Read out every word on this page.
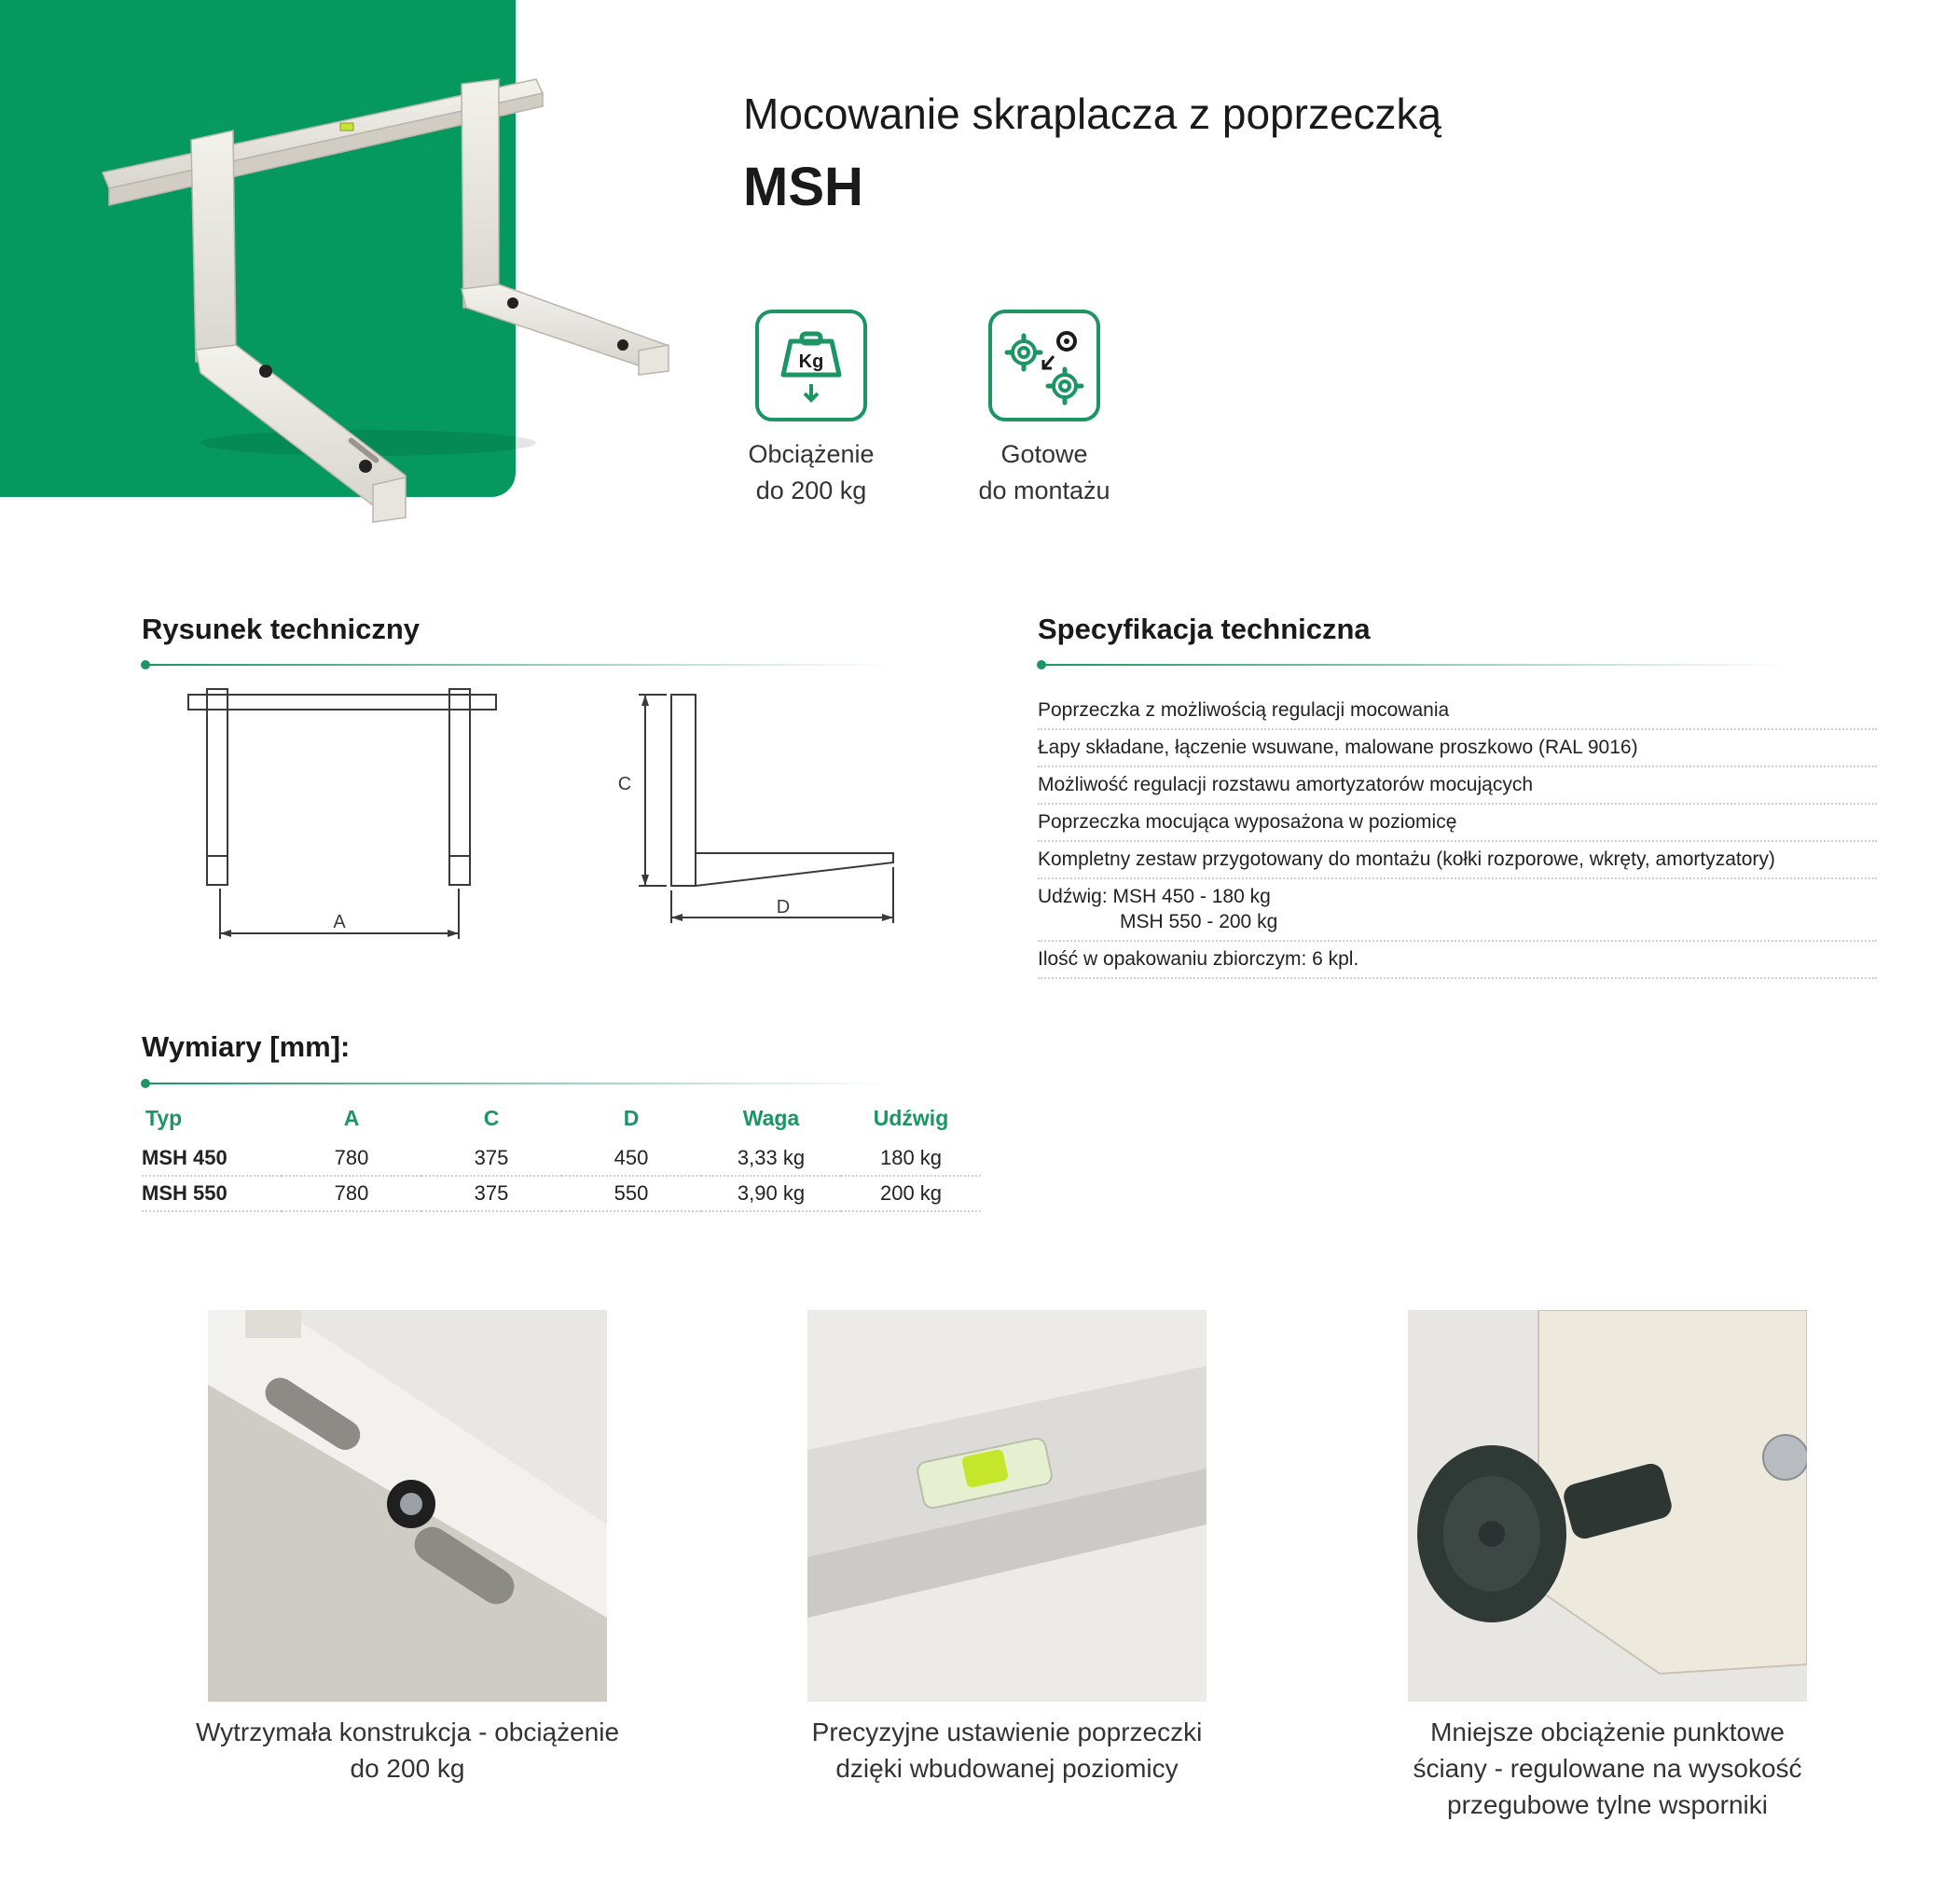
Mocowanie skraplacza z poprzeczką
MSH
Kg
Obciążenie
do 200 kg
Gotowe
do montażu
Rysunek techniczny
A
C
D
Specyfikacja techniczna
Poprzeczka z możliwością regulacji mocowania
Łapy składane, łączenie wsuwane, malowane proszkowo (RAL 9016)
Możliwość regulacji rozstawu amortyzatorów mocujących
Poprzeczka mocująca wyposażona w poziomicę
Kompletny zestaw przygotowany do montażu (kołki rozporowe, wkręty, amortyzatory)
Udźwig: MSH 450 - 180 kg
MSH 550 - 200 kg
Ilość w opakowaniu zbiorczym: 6 kpl.
Wymiary [mm]:
Typ	A	C	D	Waga	Udźwig
MSH 450	780	375	450	3,33 kg	180 kg
MSH 550	780	375	550	3,90 kg	200 kg
Wytrzymała konstrukcja - obciążenie
do 200 kg
Precyzyjne ustawienie poprzeczki
dzięki wbudowanej poziomicy
Mniejsze obciążenie punktowe
ściany - regulowane na wysokość
przegubowe tylne wsporniki
